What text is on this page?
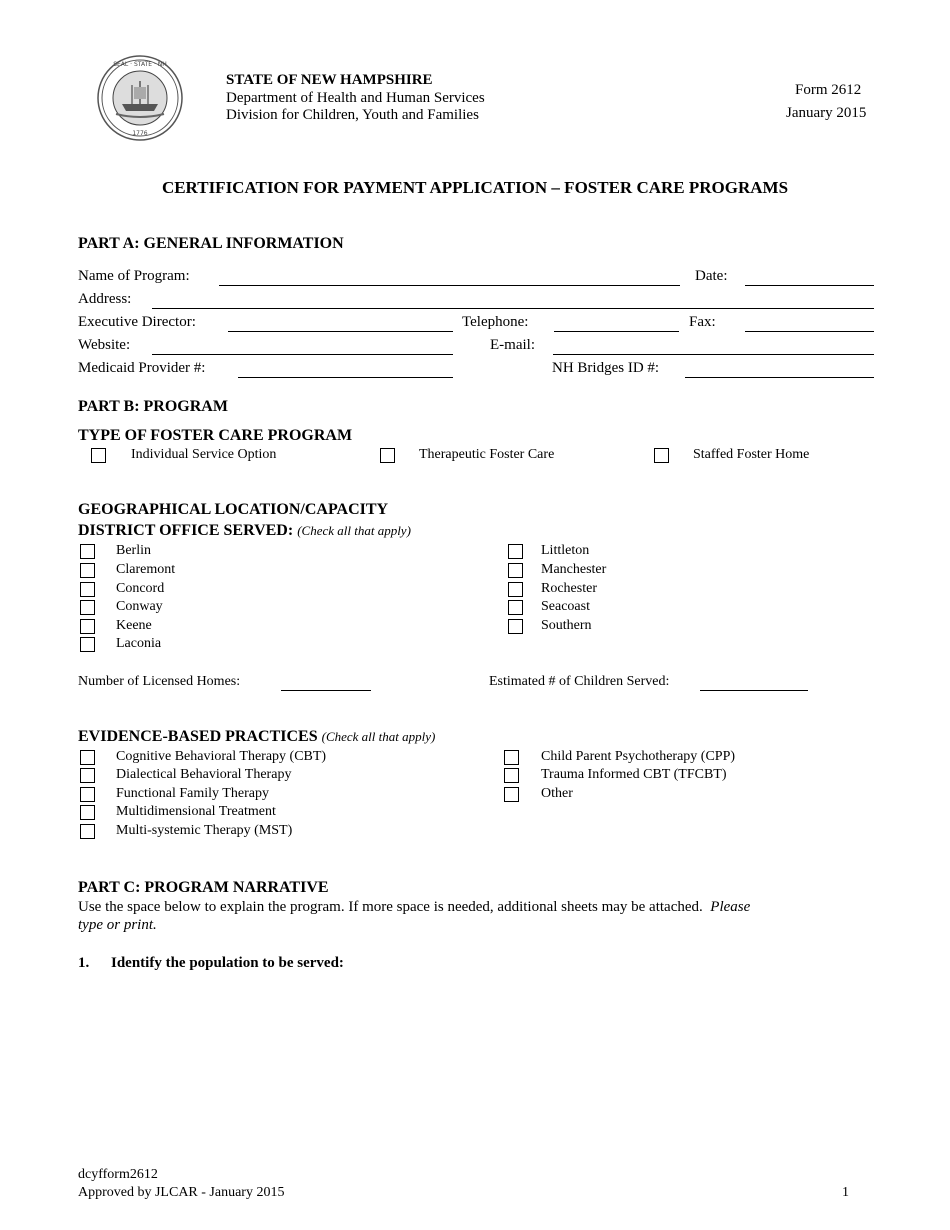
SEAL · STATE · NH
1776
STATE OF NEW HAMPSHIRE
Department of Health and Human Services
Division for Children, Youth and Families
Form 2612
January 2015
CERTIFICATION FOR PAYMENT APPLICATION – FOSTER CARE PROGRAMS
PART A: GENERAL INFORMATION
Name of Program:	Date:
Address:
Executive Director:	Telephone:	Fax:
Website:	E-mail:
Medicaid Provider #:	NH Bridges ID #:
PART B: PROGRAM
TYPE OF FOSTER CARE PROGRAM
Individual Service Option	Therapeutic Foster Care	Staffed Foster Home
GEOGRAPHICAL LOCATION/CAPACITY
DISTRICT OFFICE SERVED: (Check all that apply)
Berlin
Claremont
Concord
Conway
Keene
Laconia
Littleton
Manchester
Rochester
Seacoast
Southern
Number of Licensed Homes:	Estimated # of Children Served:
EVIDENCE-BASED PRACTICES (Check all that apply)
Cognitive Behavioral Therapy (CBT)
Dialectical Behavioral Therapy
Functional Family Therapy
Multidimensional Treatment
Multi-systemic Therapy (MST)
Child Parent Psychotherapy (CPP)
Trauma Informed CBT (TFCBT)
Other
PART C: PROGRAM NARRATIVE
Use the space below to explain the program. If more space is needed, additional sheets may be attached. Please
type or print.
1. Identify the population to be served:
dcyfform2612
Approved by JLCAR - January 2015	1
